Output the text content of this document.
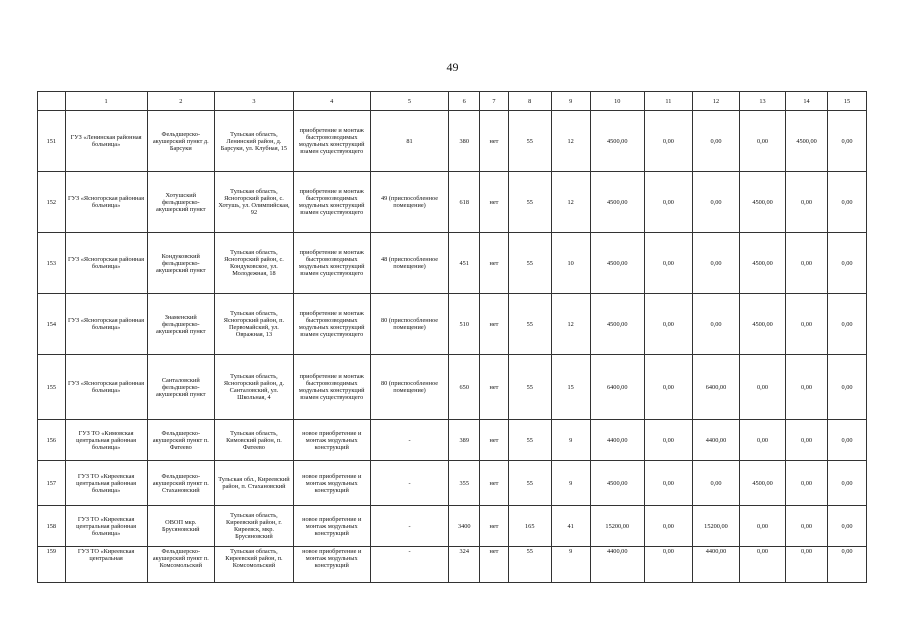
49
	1	2	3	4	5	6	7	8	9	10	11	12	13	14	15
151	ГУЗ «Ленинская районная больница»	Фельдшерско-акушерский пункт д. Барсуки	Тульская область, Ленинский район, д. Барсуки, ул. Клубная, 15	приобретение и монтаж быстровозводимых модульных конструкций взамен существующего	81	380	нет	55	12	4500,00	0,00	0,00	0,00	4500,00	0,00
152	ГУЗ «Ясногорская районная больница»	Хотушский фельдшерско-акушерский пункт	Тульская область, Ясногорский район, с. Хотушь, ул. Олимпийская, 92	приобретение и монтаж быстровозводимых модульных конструкций взамен существующего	49 (приспособленное помещение)	618	нет	55	12	4500,00	0,00	0,00	4500,00	0,00	0,00
153	ГУЗ «Ясногорская районная больница»	Кондуковский фельдшерско-акушерский пункт	Тульская область, Ясногорский район, с. Кондуковское, ул. Молодежная, 18	приобретение и монтаж быстровозводимых модульных конструкций взамен существующего	48 (приспособленное помещение)	451	нет	55	10	4500,00	0,00	0,00	4500,00	0,00	0,00
154	ГУЗ «Ясногорская районная больница»	Знаменский фельдшерско-акушерский пункт	Тульская область, Ясногорский район, п. Первомайский, ул. Овражная, 13	приобретение и монтаж быстровозводимых модульных конструкций взамен существующего	80 (приспособленное помещение)	510	нет	55	12	4500,00	0,00	0,00	4500,00	0,00	0,00
155	ГУЗ «Ясногорская районная больница»	Санталовский фельдшерско-акушерский пункт	Тульская область, Ясногорский район, д. Санталовский, ул. Школьная, 4	приобретение и монтаж быстровозводимых модульных конструкций взамен существующего	80 (приспособленное помещение)	650	нет	55	15	6400,00	0,00	6400,00	0,00	0,00	0,00
156	ГУЗ ТО «Кимовская центральная районная больница»	Фельдшерско-акушерский пункт п. Фатеево	Тульская область, Кимовский район, п. Фатеево	новое приобретение и монтаж модульных конструкций	-	389	нет	55	9	4400,00	0,00	4400,00	0,00	0,00	0,00
157	ГУЗ ТО «Киреевская центральная районная больница»	Фельдшерско-акушерский пункт п. Стахановский	Тульская обл., Киреевский район, п. Стахановский	новое приобретение и монтаж модульных конструкций	-	355	нет	55	9	4500,00	0,00	0,00	4500,00	0,00	0,00
158	ГУЗ ТО «Киреевская центральная районная больница»	ОВОП мкр. Брусяновский	Тульская область, Киреевский район, г. Киреевск, мкр. Брусяновский	новое приобретение и монтаж модульных конструкций	-	3400	нет	165	41	15200,00	0,00	15200,00	0,00	0,00	0,00
159	ГУЗ ТО «Киреевская центральная	Фельдшерско-акушерский пункт п. Комсомольский	Тульская область, Киреевский район, п. Комсомольский	новое приобретение и монтаж модульных конструкций	-	324	нет	55	9	4400,00	0,00	4400,00	0,00	0,00	0,00
